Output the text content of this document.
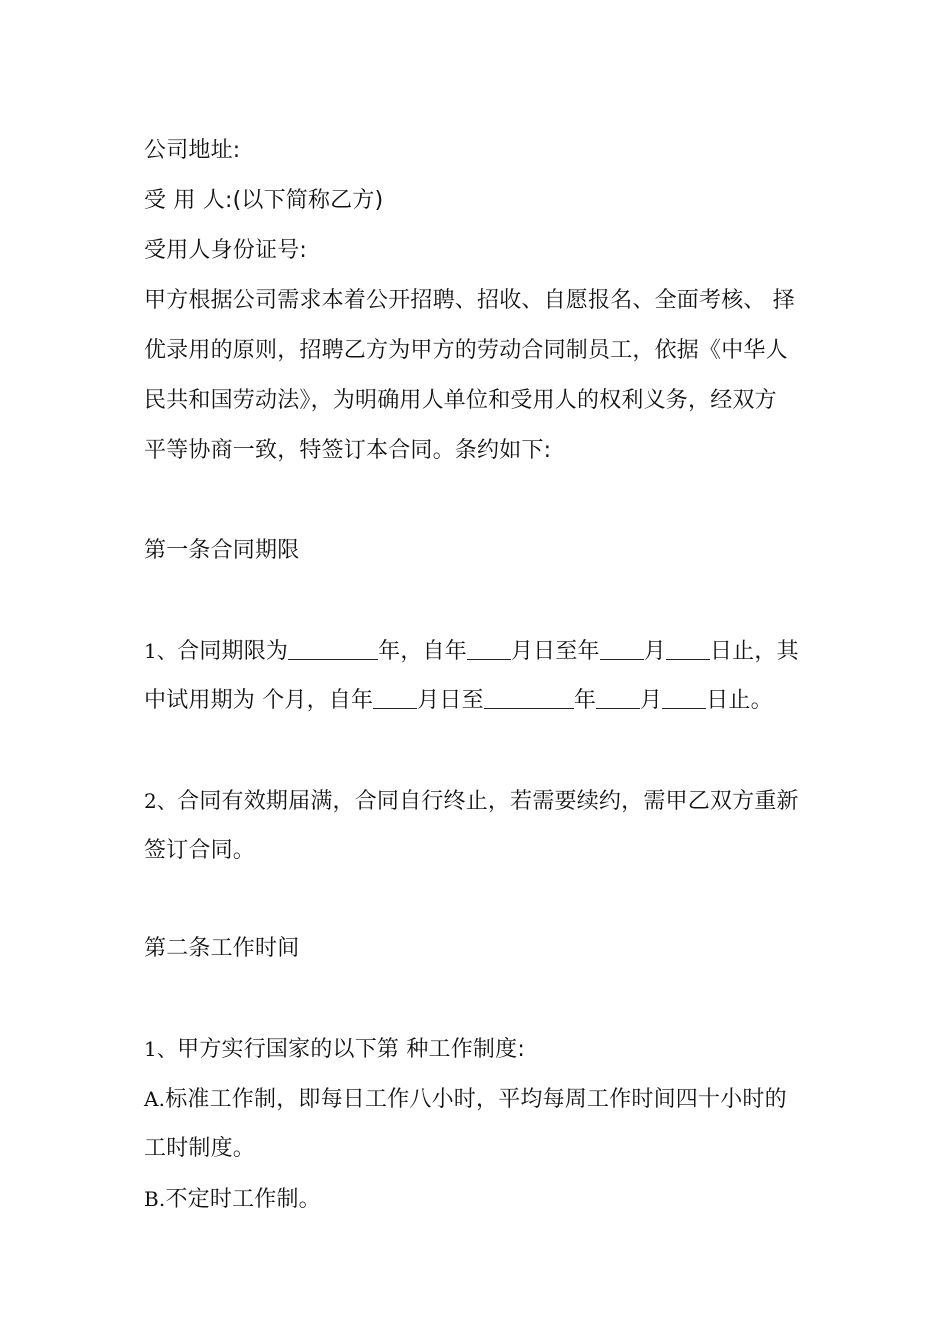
公司地址:
受 用 人:(以下简称乙方)
受用人身份证号:
甲方根据公司需求本着公开招聘、招收、自愿报名、全面考核、 择
优录用的原则，招聘乙方为甲方的劳动合同制员工，依据《中华人
民共和国劳动法》，为明确用人单位和受用人的权利义务，经双方
平等协商一致，特签订本合同。条约如下:
第一条合同期限
1、合同期限为	年，自年 月日至年 月 日止，其
中试用期为 个月，自年 月日至	年 月 日止。
2、合同有效期届满，合同自行终止，若需要续约，需甲乙双方重新
签订合同。
第二条工作时间
1、甲方实行国家的以下第 种工作制度:
A.标准工作制，即每日工作八小时，平均每周工作时间四十小时的
工时制度。
B.不定时工作制。
